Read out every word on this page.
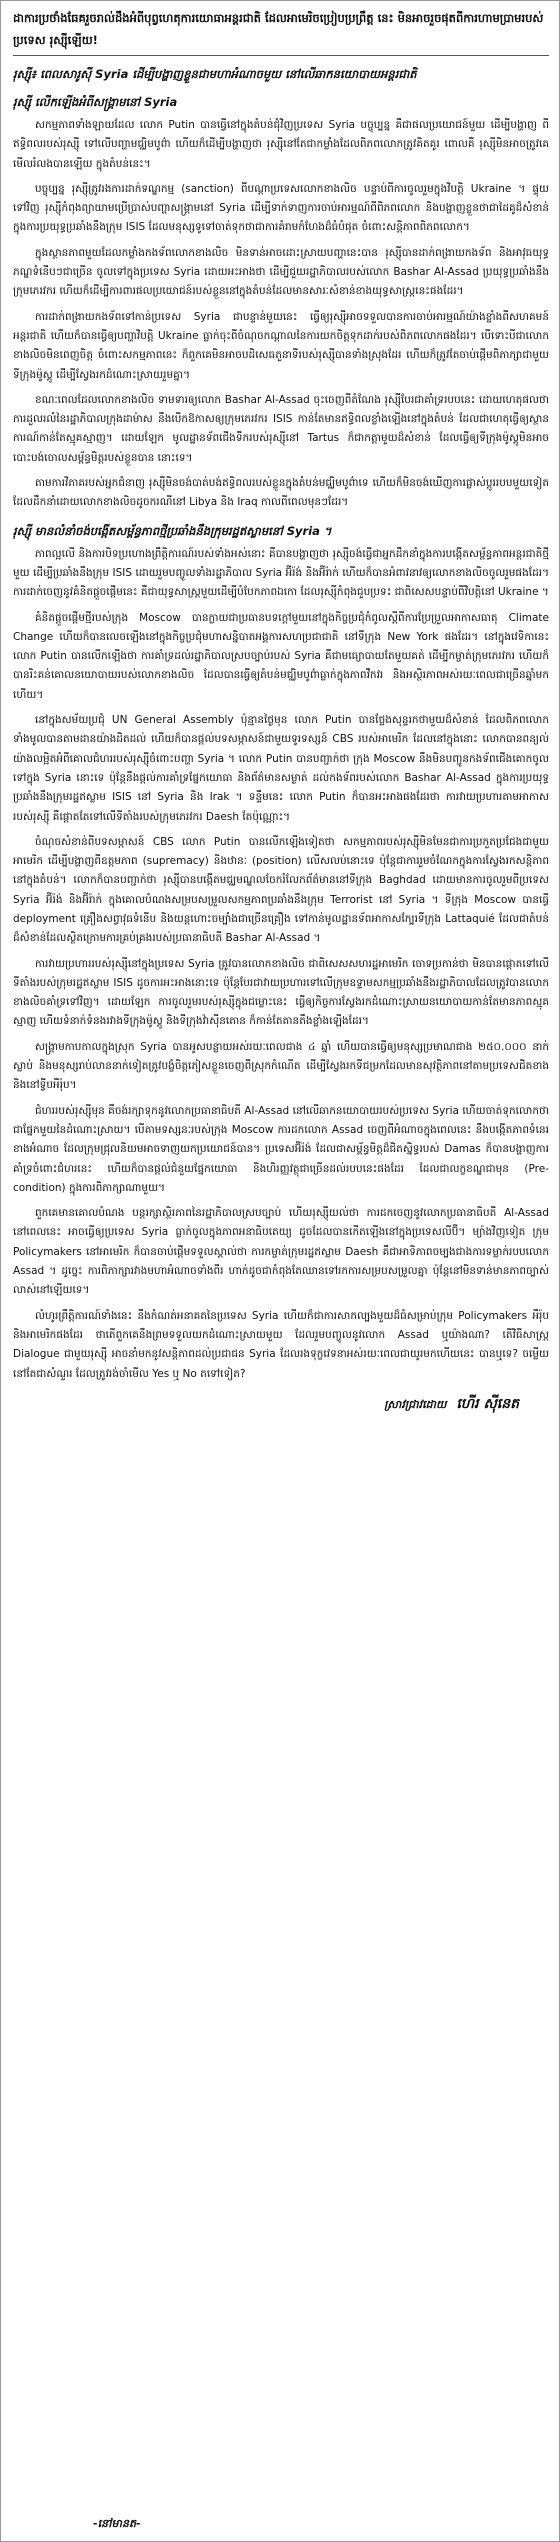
ដាការ​ប្រថាំងធែគរួចរាល់ដឹងអំពីបុព្វហេតុ​​ការ​យោធា​អន្តរជាតិ ដែលអាមេរិចប្រៀបប្រព្រឹត្ត នេះ មិនអាចរួចផុតពីការហាមប្រាមរបស់ប្រទេស រុស្ស៊ីឡើយ!
រុស្ស៊ី៖ ពេលសារូស៊ី Syria ដើម្បីបង្ហាញខ្លួនជាមហាអំណាចមួយ នៅលើឆាកនយោបាយអន្តរជាតិ
រុស្ស៊ី លើកឡើងអំពីសង្គ្រាមនៅ Syria

សកម្មភាពទាំងឡាយដែល លោក Putin បានធ្វើនៅក្នុងតំបន់ជុំវិញប្រទេស Syria បច្ចុប្បន្ន គឺជាផលប្រយោជន៍មួយ ដើម្បីបង្ហាញ ពីឥទ្ធិពលរបស់រុស្ស៊ី ទៅលើបញ្ហាមជ្ឈិមបូព៌ា ហើយក៏ដើម្បីបង្ហាញថា រុស្ស៊ីនៅតែជាកម្លាំងដែលពិភពលោកត្រូវគិតគូរ ពោលគឺ រុស្ស៊ីមិនអាចត្រូវគេមើលរំលងបានឡើយ ក្នុងតំបន់នេះ។

បច្ចុប្បន្ន រុស្ស៊ីត្រូវរងការដាក់ទណ្ឌកម្ម (sanction) ពីបណ្តាប្រទេសលោកខាងលិច បន្ទាប់ពីការចូលរួមក្នុងវិបត្តិ Ukraine ។ ផ្ទុយទៅវិញ រុស្ស៊ីកំពុងព្យាយាមប្រើប្រាស់បញ្ហាសង្គ្រាមនៅ Syria ដើម្បីទាក់ទាញការចាប់អារម្មណ៍ពីពិភពលោក និងបង្ហាញខ្លួនថាជាដៃគូដ៏សំខាន់ក្នុងការប្រយុទ្ធប្រឆាំងនឹងក្រុម ISIS ដែលមនុស្សទូទៅចាត់ទុកថាជាការគំរាមកំហែងដ៏ធំបំផុត ចំពោះសន្តិភាពពិភពលោក។

ក្នុងស្ថានភាពមួយដែលកម្លាំងកងទ័ពលោកខាងលិច មិនទាន់អាចដោះស្រាយបញ្ហានេះបាន រុស្ស៊ីបានដាក់ពង្រាយកងទ័ព និងអាវុធយុទ្ធភណ្ឌទំនើបៗជាច្រើន ចូលទៅក្នុងប្រទេស Syria ដោយអះអាងថា ដើម្បីជួយរដ្ឋាភិបាលរបស់លោក Bashar Al-Assad ប្រយុទ្ធប្រឆាំងនឹងក្រុមភេរវករ ហើយក៏ដើម្បីការពារផលប្រយោជន៍របស់ខ្លួននៅក្នុងតំបន់ដែលមានសារៈសំខាន់ខាងយុទ្ធសាស្ត្រនេះផងដែរ។

ការដាក់ពង្រាយកងទ័ពទៅកាន់ប្រទេស Syria ជាបន្ទាន់មួយនេះ ធ្វើឲ្យរុស្ស៊ីអាចទទួលបានការចាប់អារម្មណ៍យ៉ាងខ្លាំងពីសហគមន៍អន្តរជាតិ ហើយក៏បានធ្វើឲ្យបញ្ហាវិបត្តិ Ukraine ធ្លាក់ចុះពីចំណុចកណ្តាលនៃការយកចិត្តទុកដាក់របស់ពិភពលោកផងដែរ។ បើទោះបីជាលោកខាងលិចមិនពេញចិត្ត ចំពោះសកម្មភាពនេះ ក៏ពួកគេមិនអាចបដិសេធតួនាទីរបស់រុស្ស៊ីបានទាំងស្រុងដែរ ហើយក៏ត្រូវតែចាប់ផ្តើមពិភាក្សាជាមួយទីក្រុងម៉ូស្គូ ដើម្បីស្វែងរកដំណោះស្រាយរួមគ្នា។

ខណៈពេលដែលលោកខាងលិច ទាមទារឲ្យលោក Bashar Al-Assad ចុះចេញពីតំណែង រុស្ស៊ីបែរជាគាំទ្ររបបនេះ ដោយហេតុផលថា ការដួលរលំនៃរដ្ឋាភិបាលក្រុងដាម៉ាស នឹងបើកឱកាសឲ្យក្រុមភេរវករ ISIS កាន់តែមានឥទ្ធិពលខ្លាំងឡើងនៅក្នុងតំបន់ ដែលជាហេតុធ្វើឲ្យស្ថានការណ៍កាន់តែស្មុគស្មាញ។ ដោយឡែក មូលដ្ឋានទ័ពជើងទឹករបស់រុស្ស៊ីនៅ Tartus ក៏ជាកត្តាមួយដ៏សំខាន់ ដែលធ្វើឲ្យទីក្រុងម៉ូស្គូមិនអាចបោះបង់ចោលសម្ព័ន្ធមិត្តរបស់ខ្លួនបាន នោះទេ។

តាមការវិភាគរបស់អ្នកជំនាញ រុស្ស៊ីមិនចង់បាត់បង់ឥទ្ធិពលរបស់ខ្លួនក្នុងតំបន់មជ្ឈិមបូព៌ាទេ ហើយក៏មិនចង់ឃើញការផ្លាស់ប្តូររបបមួយទៀត ដែលដឹកនាំដោយលោកខាងលិចដូចករណីនៅ Libya និង Iraq កាលពីពេលមុនៗដែរ។

រុស្ស៊ី មានលំនាំចង់បង្កើតសម្ព័ន្ធភាពថ្មីប្រឆាំងនឹងក្រុមរដ្ឋឥស្លាមនៅ Syria ។

ភាពល្អលើ និងការបិទប្រហោងព្រឹត្តិការណ៍របស់ទាំងអស់នោះ គឺបានបង្ហាញថា រុស្ស៊ីចង់ធ្វើជាអ្នកដឹកនាំក្នុងការបង្កើតសម្ព័ន្ធភាពអន្តរជាតិថ្មីមួយ ដើម្បីប្រឆាំងនឹងក្រុម ISIS ដោយរួមបញ្ចូលទាំងរដ្ឋាភិបាល Syria អ៊ីរ៉ង់ និងអ៊ីរ៉ាក់ ហើយក៏បានអំពាវនាវឲ្យលោកខាងលិចចូលរួមផងដែរ។ ការដាក់ចេញនូវគំនិតផ្តួចផ្តើមនេះ គឺជាយុទ្ធសាស្ត្រមួយដើម្បីបំបែកភាពឯកោ ដែលរុស្ស៊ីកំពុងជួបប្រទះ ជាពិសេសបន្ទាប់ពីវិបត្តិនៅ Ukraine ។

គំនិតផ្តួចផ្តើមថ្មីរបស់ក្រុង Moscow បានក្លាយជាប្រធានបទក្តៅមួយនៅក្នុងកិច្ចប្រជុំកំពូលស្តីពីការប្រែប្រួលអាកាសធាតុ Climate Change ហើយក៏បានលេចឡើងនៅក្នុងកិច្ចប្រជុំមហាសន្និបាតអង្គការសហប្រជាជាតិ នៅទីក្រុង New York ផងដែរ។ នៅក្នុងវេទិកានេះ លោក Putin បានលើកឡើងថា ការគាំទ្រដល់រដ្ឋាភិបាលស្របច្បាប់របស់ Syria គឺជាមធ្យោបាយតែមួយគត់ ដើម្បីកម្ចាត់ក្រុមភេរវករ ហើយក៏បានរិះគន់គោលនយោបាយរបស់លោកខាងលិច ដែលបានធ្វើឲ្យតំបន់មជ្ឈិមបូព៌ាធ្លាក់ក្នុងភាពវឹកវរ និងអស្ថិរភាពអស់រយៈពេលជាច្រើនឆ្នាំមកហើយ។

នៅក្នុងសម័យប្រជុំ UN General Assembly ប៉ុន្មានថ្ងៃមុន លោក Putin បានថ្លែងសុន្ទរកថាមួយដ៏សំខាន់ ដែលពិភពលោកទាំងមូលបានតាមដានយ៉ាងដិតដល់ ហើយក៏បានផ្តល់បទសម្ភាសន៍ជាមួយទូរទស្សន៍ CBS របស់អាមេរិក ដែលនៅក្នុងនោះ លោកបានពន្យល់យ៉ាងលម្អិតអំពីគោលជំហររបស់រុស្ស៊ីចំពោះបញ្ហា Syria ។ លោក Putin បានបញ្ជាក់ថា ក្រុង Moscow នឹងមិនបញ្ជូនកងទ័ពជើងគោកចូលទៅក្នុង Syria នោះទេ ប៉ុន្តែនឹងផ្តល់ការគាំទ្រផ្នែកយោធា និងព័ត៌មានសម្ងាត់ ដល់កងទ័ពរបស់លោក Bashar Al-Assad ក្នុងការប្រយុទ្ធប្រឆាំងនឹងក្រុមរដ្ឋឥស្លាម ISIS នៅ Syria និង Irak ។ ទន្ទឹមនេះ លោក Putin ក៏បានអះអាងផងដែរថា ការវាយប្រហារតាមអាកាសរបស់រុស្ស៊ី គឺផ្តោតតែទៅលើទីតាំងរបស់ក្រុមភេរវករ Daesh តែប៉ុណ្ណោះ។

ចំណុចសំខាន់ពីបទសម្ភាសន៍ CBS លោក Putin បានលើកឡើងទៀតថា សកម្មភាពរបស់រុស្ស៊ីមិនមែនជាការប្រកួតប្រជែងជាមួយអាមេរិក ដើម្បីបង្ហាញពីឧត្តមភាព (supremacy) និងឋានៈ (position) លើសលប់នោះទេ ប៉ុន្តែជាការរួមចំណែកក្នុងការស្វែងរកសន្តិភាពនៅក្នុងតំបន់។ លោកក៏បានបញ្ជាក់ថា រុស្ស៊ីបានបង្កើតមជ្ឈមណ្ឌលចែករំលែកព័ត៌មាននៅទីក្រុង Baghdad ដោយមានការចូលរួមពីប្រទេស Syria អ៊ីរ៉ង់ និងអ៊ីរ៉ាក់ ក្នុងគោលបំណងសម្របសម្រួលសកម្មភាពប្រឆាំងនឹងក្រុម Terrorist នៅ Syria ។ ទីក្រុង Moscow បានធ្វើ deployment គ្រឿងសព្វាវុធទំនើប និងយន្តហោះចម្បាំងជាច្រើនគ្រឿង ទៅកាន់មូលដ្ឋានទ័ពអាកាសក្បែរទីក្រុង Lattaquié ដែលជាតំបន់ដ៏សំខាន់ដែលស្ថិតក្រោមការគ្រប់គ្រងរបស់ប្រធានាធិបតី Bashar Al-Assad ។

ការវាយប្រហាររបស់រុស្ស៊ីនៅក្នុងប្រទេស Syria ត្រូវបានលោកខាងលិច ជាពិសេសសហរដ្ឋអាមេរិក ចោទប្រកាន់ថា មិនបានផ្តោតទៅលើទីតាំងរបស់ក្រុមរដ្ឋឥស្លាម ISIS ដូចការអះអាងនោះទេ ប៉ុន្តែបែរជាវាយប្រហារទៅលើក្រុមឧទ្ទាមសកម្មប្រឆាំងនឹងរដ្ឋាភិបាលដែលត្រូវបានលោកខាងលិចគាំទ្រទៅវិញ។ ដោយឡែក ការចូលរួមរបស់រុស្ស៊ីក្នុងជម្លោះនេះ ធ្វើឲ្យកិច្ចការស្វែងរកដំណោះស្រាយនយោបាយកាន់តែមានភាពស្មុគស្មាញ ហើយទំនាក់ទំនងរវាងទីក្រុងម៉ូស្គូ និងទីក្រុងវ៉ាស៊ីនតោន ក៏កាន់តែតានតឹងខ្លាំងឡើងដែរ។

សង្គ្រាមកាបកាលក្នុងស្រុក Syria បានអូសបន្លាយអស់រយៈពេលជាង ៤ ឆ្នាំ ហើយបានធ្វើឲ្យមនុស្សប្រមាណជាង ២៥០.០០០ នាក់ស្លាប់ និងមនុស្សរាប់លាននាក់ទៀតត្រូវបង្ខំចិត្តភៀសខ្លួនចេញពីស្រុកកំណើត ដើម្បីស្វែងរកទីជម្រកដែលមានសុវត្ថិភាពនៅតាមប្រទេសជិតខាង និងនៅទ្វីបអឺរ៉ុប។

ជំហររបស់រុស្ស៊ីមុន គឺចង់រក្សាទុកនូវលោកប្រធានាធិបតី Al-Assad នៅលើឆាកនយោបាយរបស់ប្រទេស Syria ហើយចាត់ទុកលោកថាជាផ្នែកមួយនៃដំណោះស្រាយ។ បើតាមទស្សនៈរបស់ក្រុង Moscow ការដកលោក Assad ចេញពីអំណាចក្នុងពេលនេះ នឹងបង្កើតភាពទំនេរខាងអំណាច ដែលក្រុមជ្រុលនិយមអាចទាញយកប្រយោជន៍បាន។ ប្រទេសអ៊ីរ៉ង់ ដែលជាសម្ព័ន្ធមិត្តដ៏ជិតស្និទ្ធរបស់ Damas ក៏បានបង្ហាញការគាំទ្រចំពោះជំហរនេះ ហើយក៏បានផ្តល់ជំនួយផ្នែកយោធា និងហិរញ្ញវត្ថុជាច្រើនដល់របបនេះផងដែរ ដែលជាលក្ខខណ្ឌជាមុន (Pre-condition) ក្នុងការពិភាក្សាណាមួយ។

ពួកគេមានគោលបំណង បន្តរក្សាស្ថិរភាពនៃរដ្ឋាភិបាលស្របច្បាប់ ហើយរុស្ស៊ីយល់ថា ការដកចេញនូវលោកប្រធានាធិបតី Al-Assad នៅពេលនេះ អាចធ្វើឲ្យប្រទេស Syria ធ្លាក់ចូលក្នុងភាពអនាធិបតេយ្យ ដូចដែលបានកើតឡើងនៅក្នុងប្រទេសលីប៊ី។ ម្យ៉ាងវិញទៀត ក្រុម Policymakers នៅអាមេរិក ក៏បានចាប់ផ្តើមទទួលស្គាល់ថា ការកម្ចាត់ក្រុមរដ្ឋឥស្លាម Daesh គឺជាអាទិភាពចម្បងជាងការទម្លាក់របបលោក Assad ។ ដូច្នេះ ការពិភាក្សារវាងមហាអំណាចទាំងពីរ ហាក់ដូចជាកំពុងតែឈានទៅរកការសម្របសម្រួលគ្នា ប៉ុន្តែនៅមិនទាន់មានភាពច្បាស់លាស់នៅឡើយទេ។

លំហូរព្រឹត្តិការណ៍ទាំងនេះ នឹងកំណត់អនាគតនៃប្រទេស Syria ហើយក៏ជាការសាកល្បងមួយដ៏ធំសម្រាប់ក្រុម Policymakers អឺរ៉ុប និងអាមេរិកផងដែរ ថាតើពួកគេនឹងព្រមទទួលយកដំណោះស្រាយមួយ ដែលរួមបញ្ចូលនូវលោក Assad ឬយ៉ាងណា? តើវិធីសាស្ត្រ Dialogue ជាមួយរុស្ស៊ី អាចនាំមកនូវសន្តិភាពដល់ប្រជាជន Syria ដែលរងទុក្ខវេទនាអស់រយៈពេលជាយូរមកហើយនេះ បានឬទេ? ចម្លើយនៅតែជាសំណួរ ដែលត្រូវរង់ចាំមើល Yes ឬ No តទៅទៀត?

ស្រាវជ្រាវដោយ ហើរ ស៊ីនេត
-នៅមានត-
